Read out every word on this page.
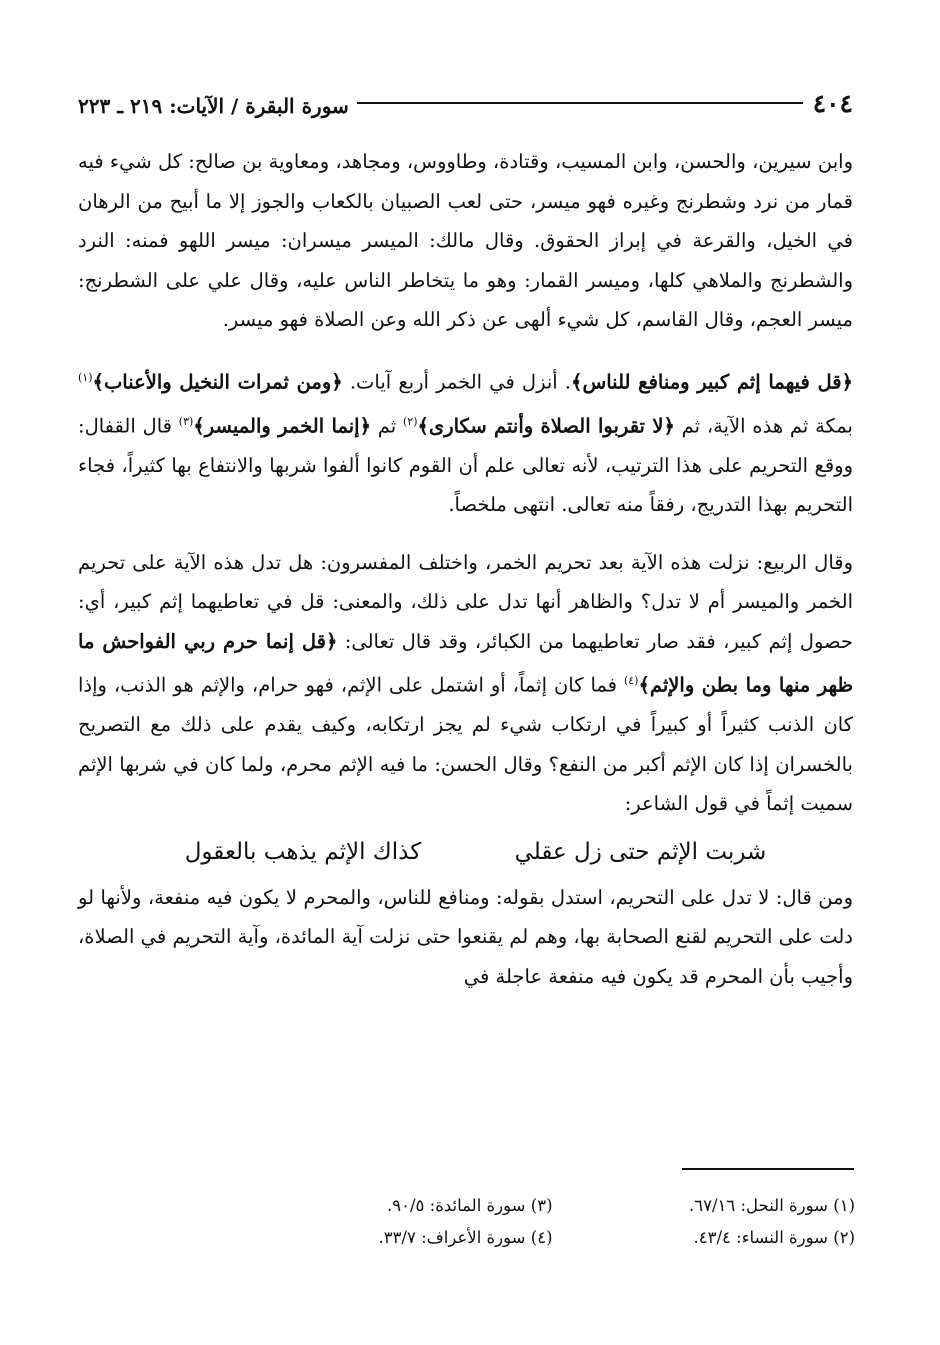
٤٠٤
سورة البقرة / الآيات: ٢١٩ ـ ٢٢٣

وابن سيرين، والحسن، وابن المسيب، وقتادة، وطاووس، ومجاهد، ومعاوية بن صالح: كل شيء فيه قمار من نرد وشطرنج وغيره فهو ميسر، حتى لعب الصبيان بالكعاب والجوز إلا ما أبيح من الرهان في الخيل، والقرعة في إبراز الحقوق. وقال مالك: الميسر ميسران: ميسر اللهو فمنه: النرد والشطرنج والملاهي كلها، وميسر القمار: وهو ما يتخاطر الناس عليه، وقال علي على الشطرنج: ميسر العجم، وقال القاسم، كل شيء ألهى عن ذكر الله وعن الصلاة فهو ميسر.

﴿قل فيهما إثم كبير ومنافع للناس﴾. أنزل في الخمر أربع آيات. ﴿ومن ثمرات النخيل والأعناب﴾$^{(١)}$ بمكة ثم هذه الآية، ثم ﴿لا تقربوا الصلاة وأنتم سكارى﴾$^{(٢)}$ ثم ﴿إنما الخمر والميسر﴾$^{(٣)}$ قال القفال: ووقع التحريم على هذا الترتيب، لأنه تعالى علم أن القوم كانوا ألفوا شربها والانتفاع بها كثيراً، فجاء التحريم بهذا التدريج، رفقاً منه تعالى. انتهى ملخصاً.

وقال الربيع: نزلت هذه الآية بعد تحريم الخمر، واختلف المفسرون: هل تدل هذه الآية على تحريم الخمر والميسر أم لا تدل؟ والظاهر أنها تدل على ذلك، والمعنى: قل في تعاطيهما إثم كبير، أي: حصول إثم كبير، فقد صار تعاطيهما من الكبائر، وقد قال تعالى: ﴿قل إنما حرم ربي الفواحش ما ظهر منها وما بطن والإثم﴾$^{(٤)}$ فما كان إثماً، أو اشتمل على الإثم، فهو حرام، والإثم هو الذنب، وإذا كان الذنب كثيراً أو كبيراً في ارتكاب شيء لم يجز ارتكابه، وكيف يقدم على ذلك مع التصريح بالخسران إذا كان الإثم أكبر من النفع؟ وقال الحسن: ما فيه الإثم محرم، ولما كان في شربها الإثم سميت إثماً في قول الشاعر:

شربت الإثم حتى زل عقلي
كذاك الإثم يذهب بالعقول

ومن قال: لا تدل على التحريم، استدل بقوله: ومنافع للناس، والمحرم لا يكون فيه منفعة، ولأنها لو دلت على التحريم لقنع الصحابة بها، وهم لم يقنعوا حتى نزلت آية المائدة، وآية التحريم في الصلاة، وأجيب بأن المحرم قد يكون فيه منفعة عاجلة في

(١) سورة النحل: ٦٧/١٦.
(٣) سورة المائدة: ٩٠/٥.
(٢) سورة النساء: ٤٣/٤.
(٤) سورة الأعراف: ٣٣/٧.
